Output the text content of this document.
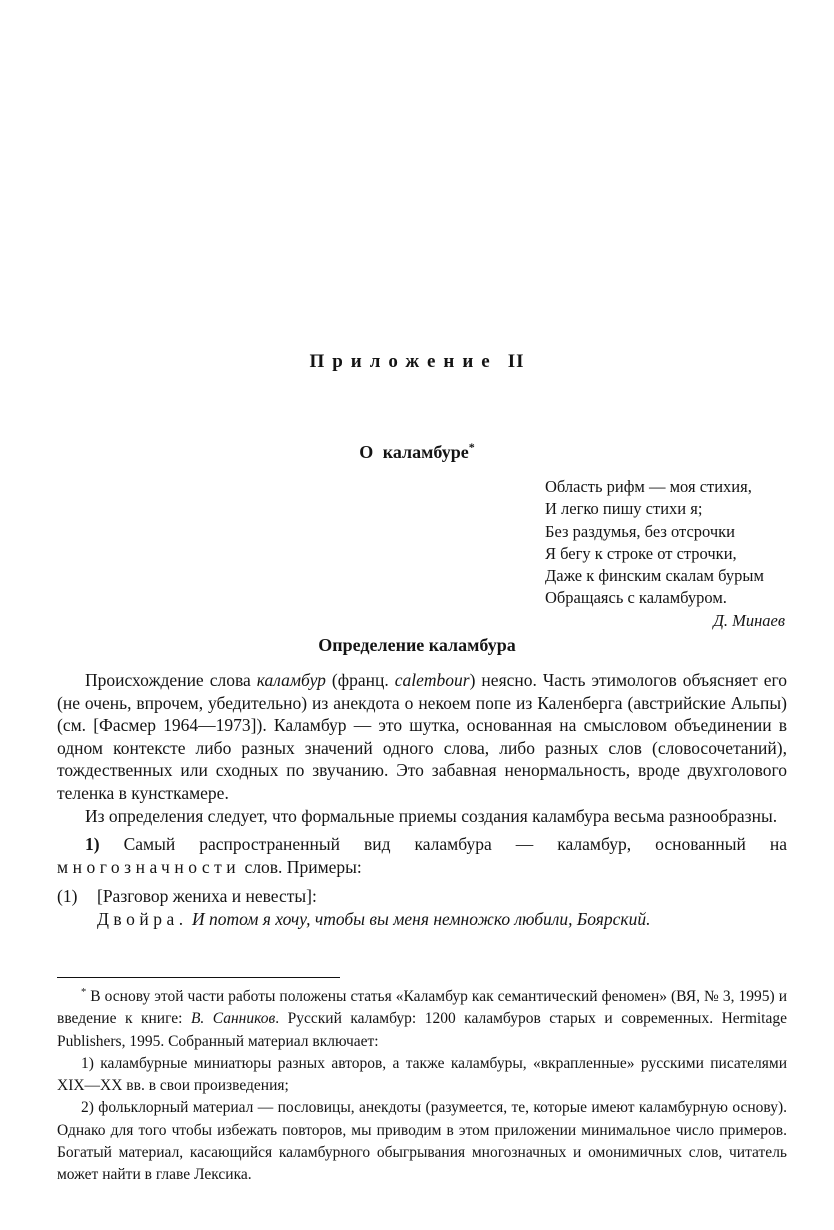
Приложение II
О каламбуре*
Область рифм — моя стихия,
И легко пишу стихи я;
Без раздумья, без отсрочки
Я бегу к строке от строчки,
Даже к финским скалам бурым
Обращаясь с каламбуром.
Д. Минаев
Определение каламбура

Происхождение слова каламбур (франц. calembour) неясно. Часть этимологов объясняет его (не очень, впрочем, убедительно) из анекдота о некоем попе из Каленберга (австрийские Альпы) (см. [Фасмер 1964—1973]). Каламбур — это шутка, основанная на смысловом объединении в одном контексте либо разных значений одного слова, либо разных слов (словосочетаний), тождественных или сходных по звучанию. Это забавная ненормальность, вроде двухголового теленка в кунсткамере.

Из определения следует, что формальные приемы создания каламбура весьма разнообразны.

1) Самый распространенный вид каламбура — каламбур, основанный на многозначности слов. Примеры:

(1)	[Разговор жениха и невесты]:
Двойра. И потом я хочу, чтобы вы меня немножко любили, Боярский.

* В основу этой части работы положены статья «Каламбур как семантический феномен» (ВЯ, № 3, 1995) и введение к книге: В. Санников. Русский каламбур: 1200 каламбуров старых и современных. Hermitage Publishers, 1995. Собранный материал включает:

1) каламбурные миниатюры разных авторов, а также каламбуры, «вкрапленные» русскими писателями XIX—XX вв. в свои произведения;

2) фольклорный материал — пословицы, анекдоты (разумеется, те, которые имеют каламбурную основу). Однако для того чтобы избежать повторов, мы приводим в этом приложении минимальное число примеров. Богатый материал, касающийся каламбурного обыгрывания многозначных и омонимичных слов, читатель может найти в главе Лексика.
